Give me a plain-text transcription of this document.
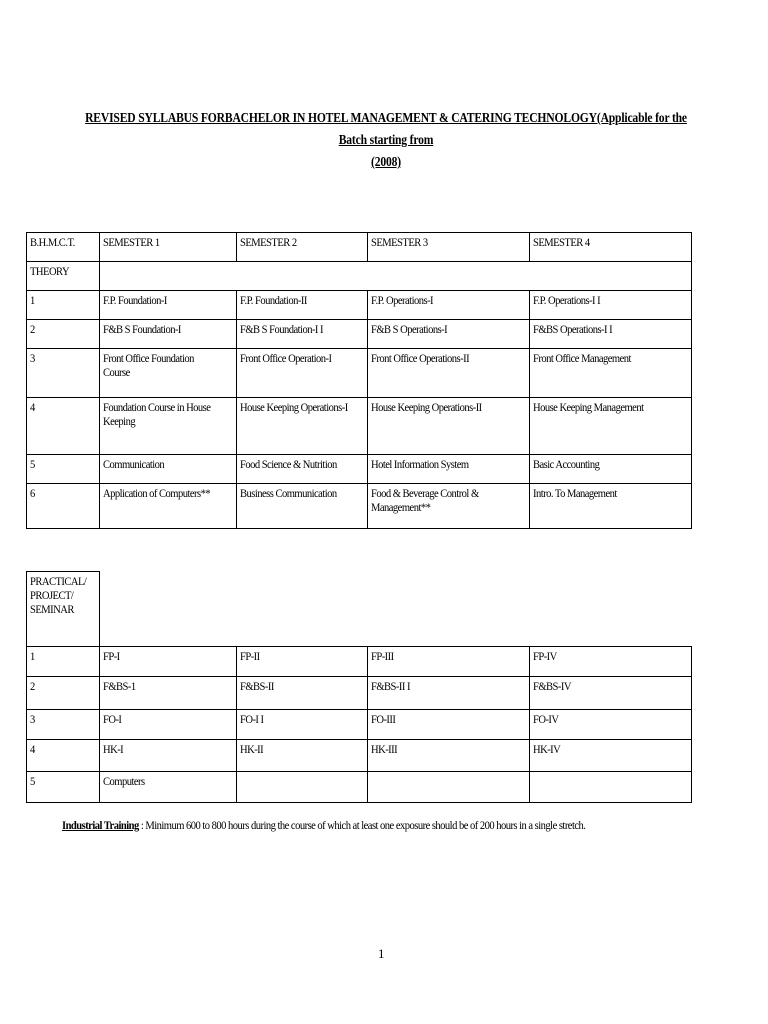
REVISED SYLLABUS FORBACHELOR IN HOTEL MANAGEMENT & CATERING TECHNOLOGY(Applicable for the Batch starting from
(2008)
B.H.M.C.T.	SEMESTER 1	SEMESTER 2	SEMESTER 3	SEMESTER 4
THEORY				
1	F.P. Foundation-I	F.P. Foundation-II	F.P. Operations-I	F.P. Operations-I I
2	F&B S Foundation-I	F&B S Foundation-I I	F&B S Operations-I	F&BS Operations-I I
3	Front Office Foundation Course	Front Office Operation-I	Front Office Operations-II	Front Office Management
4	Foundation Course in House Keeping	House Keeping Operations-I	House Keeping Operations-II	House Keeping Management
5	Communication	Food Science & Nutrition	Hotel Information System	Basic Accounting
6	Application of Computers**	Business Communication	Food & Beverage Control & Management**	Intro. To Management
PRACTICAL/ PROJECT/ SEMINAR				
1	FP-I	FP-II	FP-III	FP-IV
2	F&BS-1	F&BS-II	F&BS-II I	F&BS-IV
3	FO-I	FO-I I	FO-III	FO-IV
4	HK-I	HK-II	HK-III	HK-IV
5	Computers			
Industrial Training : Minimum 600 to 800 hours during the course of which at least one exposure should be of 200 hours in a single stretch.
1
